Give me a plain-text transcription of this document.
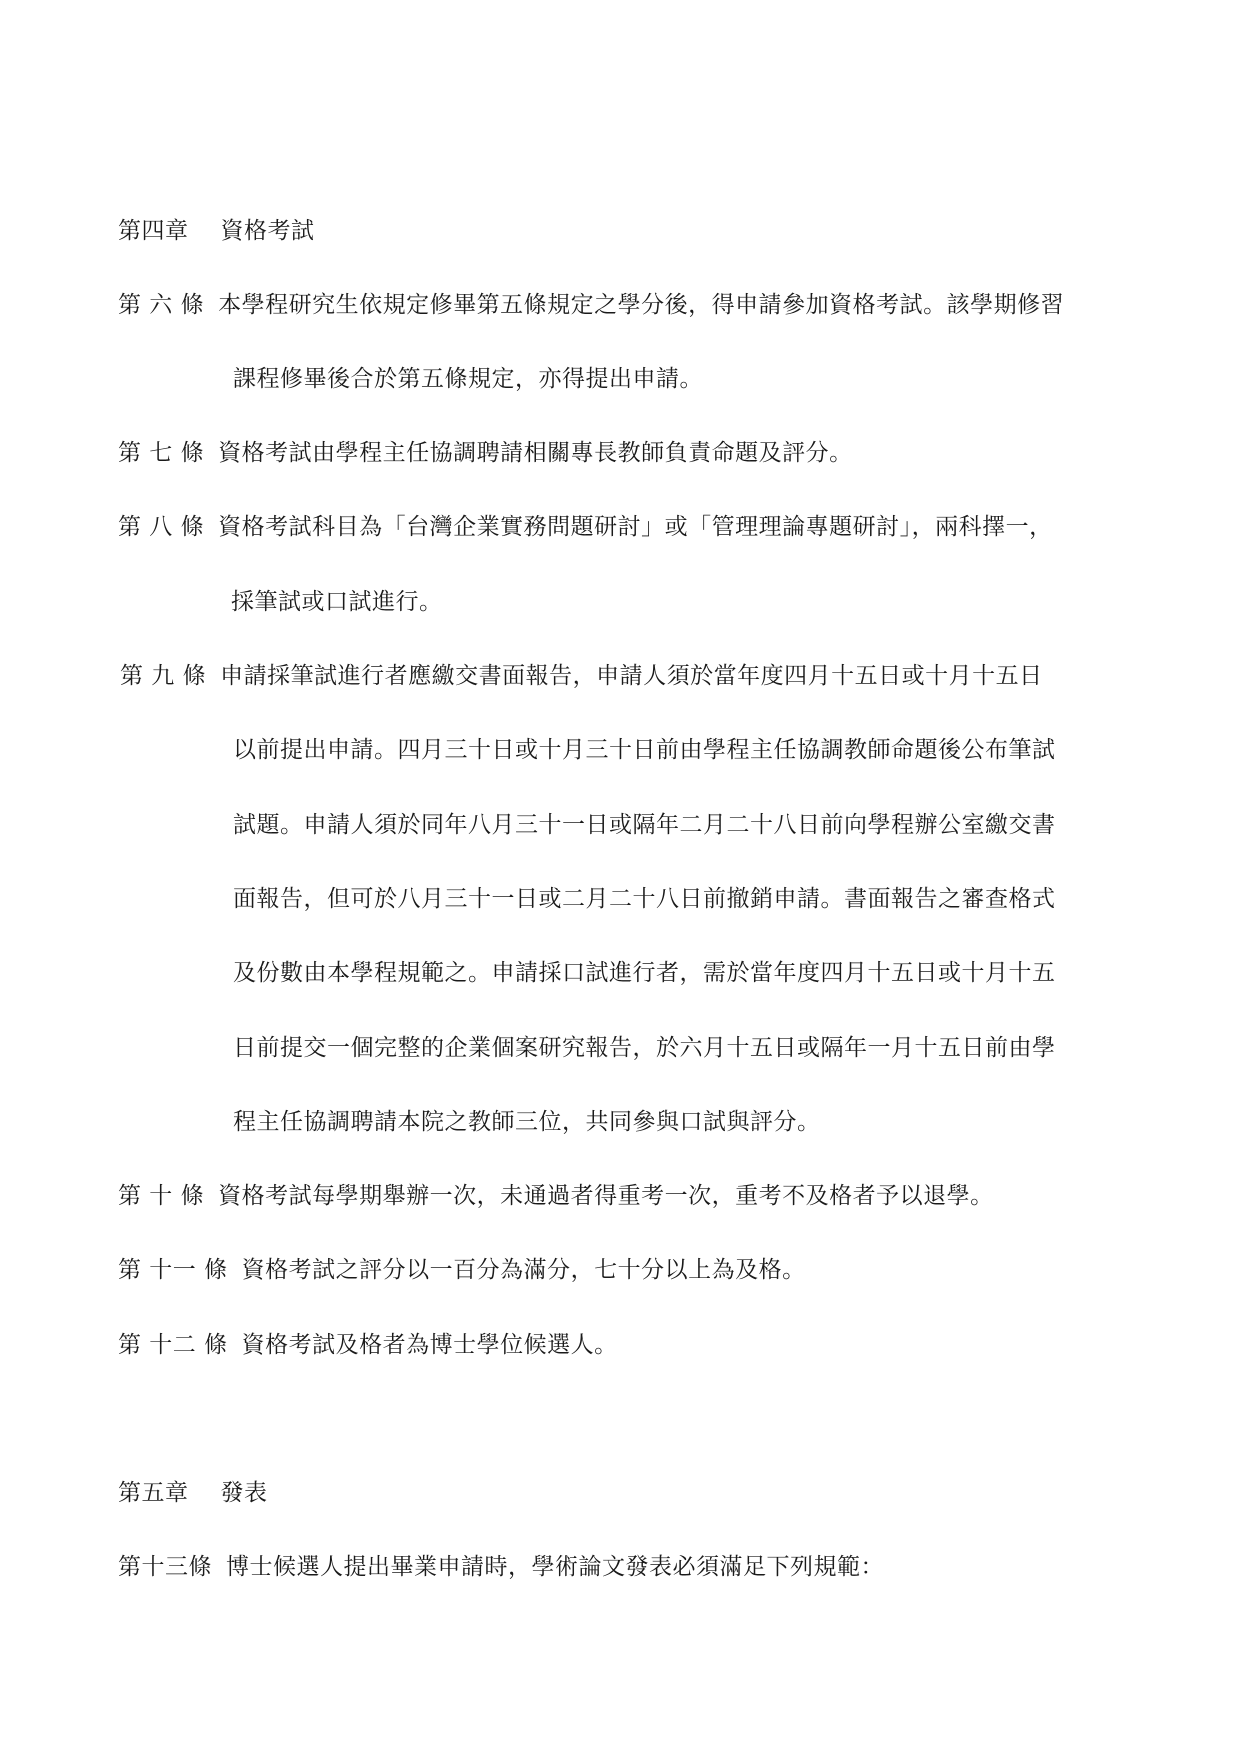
第四章 資格考試
第 六 條 本學程研究生依規定修畢第五條規定之學分後，得申請參加資格考試。該學期修習
課程修畢後合於第五條規定，亦得提出申請。
第 七 條 資格考試由學程主任協調聘請相關專長教師負責命題及評分。
第 八 條 資格考試科目為「台灣企業實務問題研討」或「管理理論專題研討」，兩科擇一，
採筆試或口試進行。
第 九 條 申請採筆試進行者應繳交書面報告，申請人須於當年度四月十五日或十月十五日
以前提出申請。四月三十日或十月三十日前由學程主任協調教師命題後公布筆試
試題。申請人須於同年八月三十一日或隔年二月二十八日前向學程辦公室繳交書
面報告，但可於八月三十一日或二月二十八日前撤銷申請。書面報告之審查格式
及份數由本學程規範之。申請採口試進行者，需於當年度四月十五日或十月十五
日前提交一個完整的企業個案研究報告，於六月十五日或隔年一月十五日前由學
程主任協調聘請本院之教師三位，共同參與口試與評分。
第 十 條 資格考試每學期舉辦一次，未通過者得重考一次，重考不及格者予以退學。
第 十一 條 資格考試之評分以一百分為滿分，七十分以上為及格。
第 十二 條 資格考試及格者為博士學位候選人。
第五章 發表
第十三條 博士候選人提出畢業申請時，學術論文發表必須滿足下列規範：
